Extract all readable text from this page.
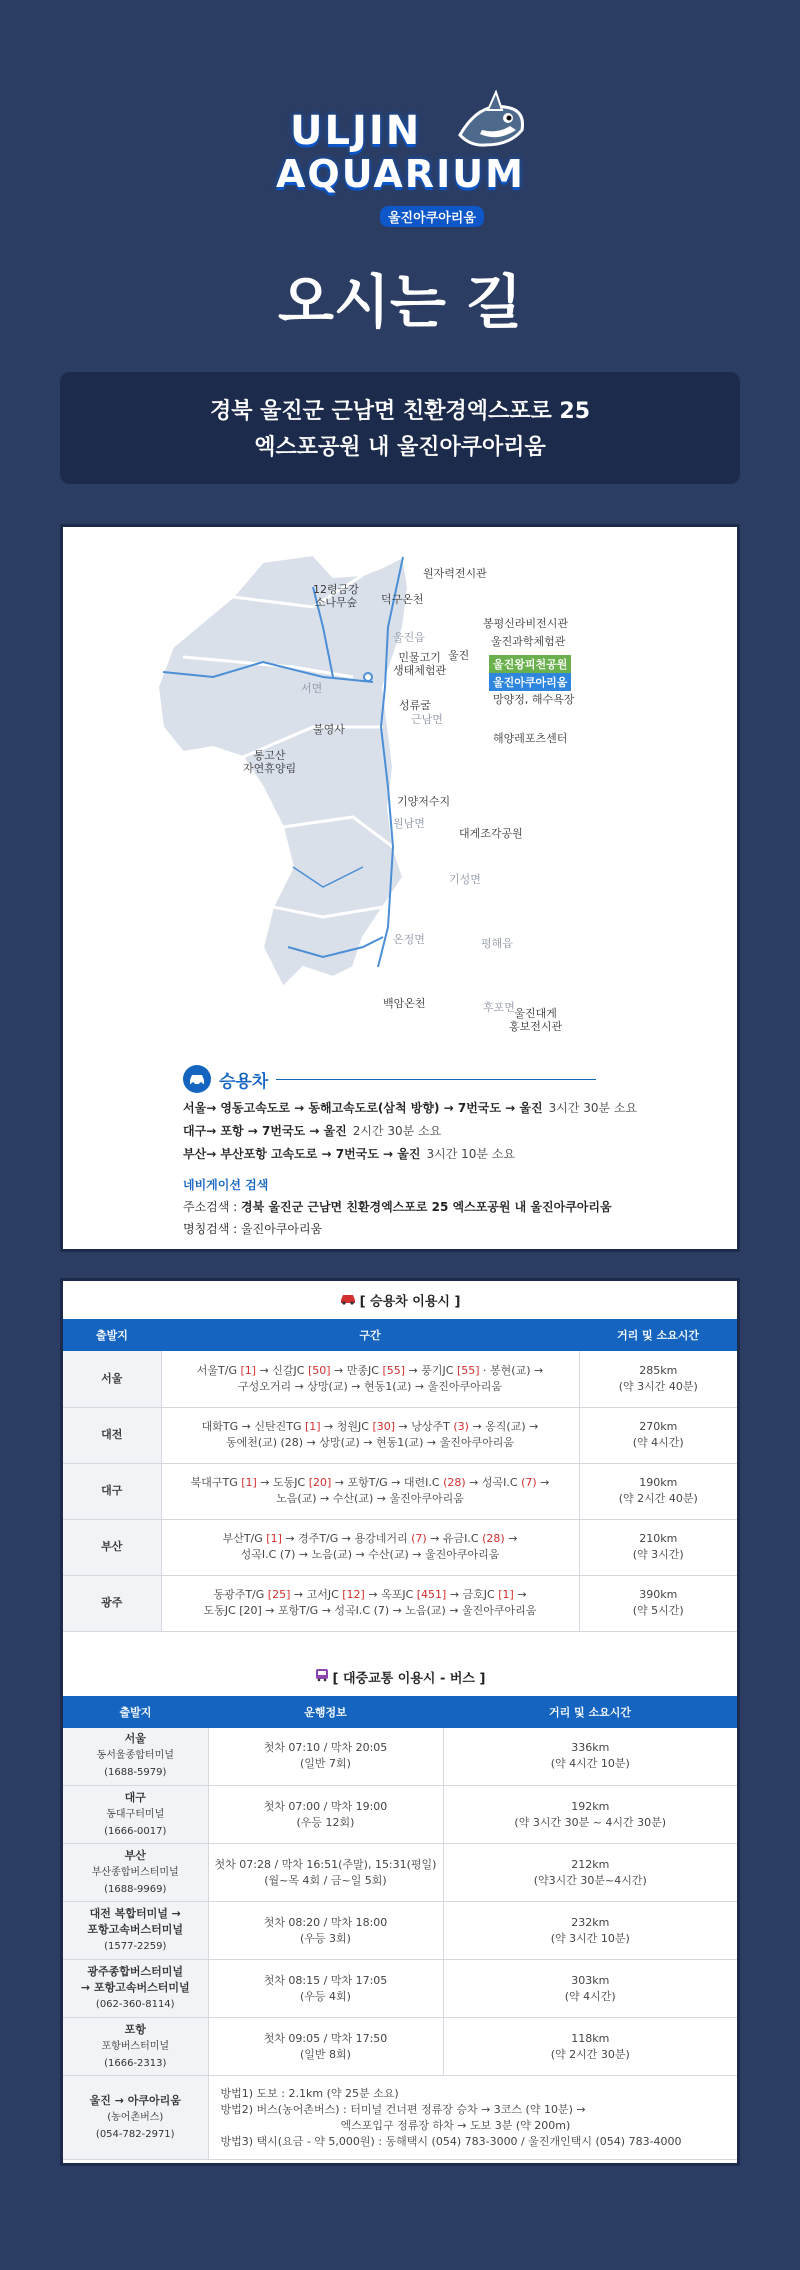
ULJIN
AQUARIUM
울진아쿠아리움
오시는 길
경북 울진군 근남면 친환경엑스포로 25
엑스포공원 내 울진아쿠아리움
원자력전시관
12령금강
소나무숲 덕구온천
봉평신라비전시관
울진과학체험관
울진읍
울진
민물고기
생태체험관	울진왕피천공원
울진아쿠아리움
망양정, 해수욕장
서면
성류굴
근남면
불영사
해양레포츠센터
통고산
자연휴양림
기양저수지
원남면
대게조각공원
기성면
온정면	평해읍
백암온천	후포면 울진대게
홍보전시관
승용차
서울→ 영동고속도로 → 동해고속도로(삼척 방향) → 7번국도 → 울진 3시간 30분 소요
대구→ 포항 → 7번국도 → 울진 2시간 30분 소요
부산→ 부산포항 고속도로 → 7번국도 → 울진 3시간 10분 소요
네비게이션 검색
주소검색 : 경북 울진군 근남면 친환경엑스포로 25 엑스포공원 내 울진아쿠아리움
명칭검색 : 울진아쿠아리움
[ 승용차 이용시 ]
출발지	구간	거리 및 소요시간
서울	서울T/G [1] → 신갈JC [50] → 만종JC [55] → 풍기JC [55] · 봉현(교) →
구성오거리 → 상망(교) → 현동1(교) → 울진아쿠아리움	285km
(약 3시간 40분)
대전	대화TG → 신탄진TG [1] → 청원JC [30] → 낭상주T (3) → 옹직(교) →
동에천(교) (28) → 상망(교) → 현동1(교) → 울진아쿠아리움	270km
(약 4시간)
대구	북대구TG [1] → 도동JC [20] → 포항T/G → 대련I.C (28) → 성곡I.C (7) →
노음(교) → 수산(교) → 울진아쿠아리움	190km
(약 2시간 40분)
부산	부산T/G [1] → 경주T/G → 용강네거리 (7) → 유금I.C (28) →
성곡I.C (7) → 노음(교) → 수산(교) → 울진아쿠아리움	210km
(약 3시간)
광주	동광주T/G [25] → 고서JC [12] → 옥포JC [451] → 금호JC [1] →
도동JC [20] → 포항T/G → 성곡I.C (7) → 노음(교) → 울진아쿠아리움	390km
(약 5시간)
[ 대중교통 이용시 - 버스 ]
출발지	운행정보	거리 및 소요시간
서울
동서울종합터미널
(1688-5979)	첫차 07:10 / 막차 20:05
(일반 7회)	336km
(약 4시간 10분)
대구
동대구터미널
(1666-0017)	첫차 07:00 / 막차 19:00
(우등 12회)	192km
(약 3시간 30분 ~ 4시간 30분)
부산
부산종합버스터미널
(1688-9969)	첫차 07:28 / 막차 16:51(주말), 15:31(평일)
(월~목 4회 / 금~일 5회)	212km
(약3시간 30분~4시간)
대전 복합터미널 →
포항고속버스터미널
(1577-2259)	첫차 08:20 / 막차 18:00
(우등 3회)	232km
(약 3시간 10분)
광주종합버스터미널
→ 포항고속버스터미널
(062-360-8114)	첫차 08:15 / 막차 17:05
(우등 4회)	303km
(약 4시간)
포항
포항버스터미널
(1666-2313)	첫차 09:05 / 막차 17:50
(일반 8회)	118km
(약 2시간 30분)
울진 → 아쿠아리움
(농어촌버스)
(054-782-2971)	방법1) 도보 : 2.1km (약 25분 소요)
방법2) 버스(농어촌버스) : 터미널 건너편 정류장 승차 → 3코스 (약 10분) →
엑스포입구 정류장 하차 → 도보 3분 (약 200m)
방법3) 택시(요금 - 약 5,000원) : 동해택시 (054) 783-3000 / 울진개인택시 (054) 783-4000	
